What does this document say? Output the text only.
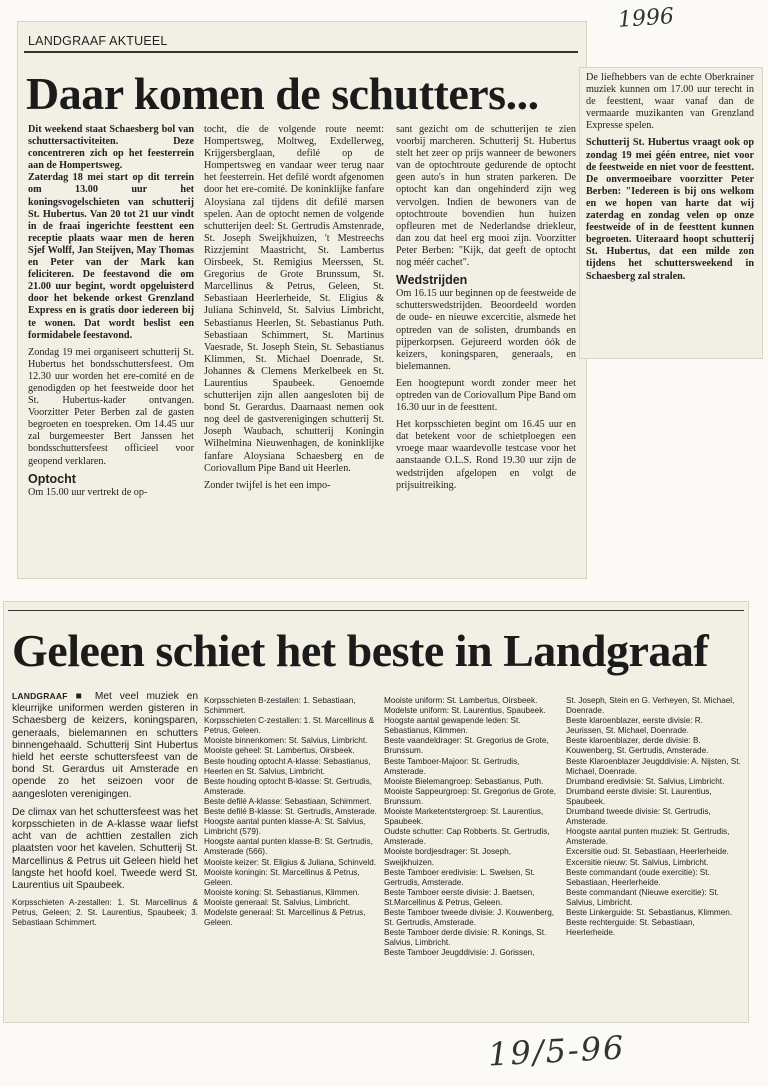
1996
19/5-96
LANDGRAAF AKTUEEL
Daar komen de schutters...

Dit weekend staat Schaesberg bol van schuttersactiviteiten. Deze concentreren zich op het feesterrein aan de Hompertsweg.

Zaterdag 18 mei start op dit terrein om 13.00 uur het koningsvogelschieten van schutterij St. Hubertus. Van 20 tot 21 uur vindt in de fraai ingerichte feesttent een receptie plaats waar men de heren Sjef Wolff, Jan Steijven, May Thomas en Peter van der Mark kan feliciteren. De feestavond die om 21.00 uur begint, wordt opgeluisterd door het bekende orkest Grenzland Express en is gratis door iedereen bij te wonen. Dat wordt beslist een formidabele feestavond.

Zondag 19 mei organiseert schutterij St. Hubertus het bondsschuttersfeest. Om 12.30 uur worden het ere-comité en de genodigden op het feestweide door het St. Hubertus-kader ontvangen. Voorzitter Peter Berben zal de gasten begroeten en toespreken. Om 14.45 uur zal burgemeester Bert Janssen het bondsschuttersfeest officieel voor geopend verklaren.

Optocht

Om 15.00 uur vertrekt de op-

tocht, die de volgende route neemt: Hompertsweg, Moltweg, Exdellerweg, Krijgersberglaan, defilé op de Hompertsweg en vandaar weer terug naar het feesterrein. Het defilé wordt afgenomen door het ere-comité. De koninklijke fanfare Aloysiana zal tijdens dit defilé marsen spelen. Aan de optocht nemen de volgende schutterijen deel: St. Gertrudis Amstenrade, St. Joseph Sweijkhuizen, 't Mestreechs Rizzjemint Maastricht, St. Lambertus Oirsbeek, St. Remigius Meerssen, St. Gregorius de Grote Brunssum, St. Marcellinus & Petrus, Geleen, St. Sebastiaan Heerlerheide, St. Eligius & Juliana Schinveld, St. Salvius Limbricht, Sebastianus Heerlen, St. Sebastianus Puth. Sebastiaan Schimmert, St. Martinus Vaesrade, St. Joseph Stein, St. Sebastianus Klimmen, St. Michael Doenrade, St. Johannes & Clemens Merkelbeek en St. Laurentius Spaubeek. Genoemde schutterijen zijn allen aangesloten bij de bond St. Gerardus. Daarnaast nemen ook nog deel de gastverenigingen schutterij St. Joseph Waubach, schutterij Koningin Wilhelmina Nieuwenhagen, de koninklijke fanfare Aloysiana Schaesberg en de Coriovallum Pipe Band uit Heerlen.

Zonder twijfel is het een impo-

sant gezicht om de schutterijen te zien voorbij marcheren. Schutterij St. Hubertus stelt het zeer op prijs wanneer de bewoners van de optochtroute gedurende de optocht geen auto's in hun straten parkeren. De optocht kan dan ongehinderd zijn weg vervolgen. Indien de bewoners van de optochtroute bovendien hun huizen opfleuren met de Nederlandse driekleur, dan zou dat heel erg mooi zijn. Voorzitter Peter Berben: "Kijk, dat geeft de optocht nog méér cachet".

Wedstrijden

Om 16.15 uur beginnen op de feestweide de schutterswedstrijden. Beoordeeld worden de oude- en nieuwe excercitie, alsmede het optreden van de solisten, drumbands en pijperkorpsen. Gejureerd worden óók de keizers, koningsparen, generaals, en bielemannen.

Een hoogtepunt wordt zonder meer het optreden van de Coriovallum Pipe Band om 16.30 uur in de feesttent.

Het korpsschieten begint om 16.45 uur en dat betekent voor de schietploegen een vroege maar waardevolle testcase voor het aanstaande O.L.S. Rond 19.30 uur zijn de wedstrijden afgelopen en volgt de prijsuitreiking.

De liefhebbers van de echte Oberkrainer muziek kunnen om 17.00 uur terecht in de feesttent, waar vanaf dan de vermaarde muzikanten van Grenzland Expresse spelen.

Schutterij St. Hubertus vraagt ook op zondag 19 mei géén entree, niet voor de feestweide en niet voor de feesttent. De onvermoeibare voorzitter Peter Berben: "Iedereen is bij ons welkom en we hopen van harte dat wij zaterdag en zondag velen op onze feestweide of in de feesttent kunnen begroeten. Uiteraard hoopt schutterij St. Hubertus, dat een milde zon tijdens het schuttersweekend in Schaesberg zal stralen.

Geleen schiet het beste in Landgraaf

LANDGRAAF ■ Met veel muziek en kleurrijke uniformen werden gisteren in Schaesberg de keizers, koningsparen, generaals, bielemannen en schutters binnengehaald. Schutterij Sint Hubertus hield het eerste schuttersfeest van de bond St. Gerardus uit Amsterade en opende zo het seizoen voor de aangesloten verenigingen.

De climax van het schuttersfeest was het korpsschieten in de A-klasse waar liefst acht van de achttien zestallen zich plaatsten voor het kavelen. Schutterij St. Marcellinus & Petrus uit Geleen hield het langste het hoofd koel. Tweede werd St. Laurentius uit Spaubeek.

Korpsschieten A-zestallen: 1. St. Marcellinus & Petrus, Geleen; 2. St. Laurentius, Spaubeek; 3. Sebastiaan Schimmert.

Korpsschieten B-zestallen: 1. Sebastiaan, Schimmert.

Korpsschieten C-zestallen: 1. St. Marcellinus & Petrus, Geleen.

Mooiste binnenkomen: St. Salvius, Limbricht.

Mooiste geheel: St. Lambertus, Oirsbeek.

Beste houding optocht A-klasse: Sebastianus, Heerlen en St. Salvius, Limbricht.

Beste houding optocht B-klasse: St. Gertrudis, Amsterade.

Beste defilé A-klasse: Sebastiaan, Schimmert.

Beste defilé B-klasse: St. Gertrudis, Amsterade.

Hoogste aantal punten klasse-A: St. Salvius, Limbricht (579).

Hoogste aantal punten klasse-B: St. Gertrudis, Amsterade (566).

Mooiste keizer: St. Eligius & Juliana, Schinveld.

Mooiste koningin: St. Marcellinus & Petrus, Geleen.

Mooiste koning: St. Sebastianus, Klimmen.

Mooiste generaal: St. Salvius, Limbricht.

Modelste generaal: St. Marcellinus & Petrus, Geleen.

Mooiste uniform: St. Lambertus, Oirsbeek.

Modelste uniform: St. Laurentius, Spaubeek.

Hoogste aantal gewapende leden: St. Sebastianus, Klimmen.

Beste vaandeldrager: St. Gregorius de Grote, Brunssum.

Beste Tamboer-Majoor: St. Gertrudis, Amsterade.

Mooiste Bielemangroep: Sebastianus, Puth.

Mooiste Sappeurgroep: St. Gregorius de Grote, Brunssum.

Mooiste Marketentstergroep: St. Laurentius, Spaubeek.

Oudste schutter: Cap Robberts. St. Gertrudis, Amsterade.

Mooiste bordjesdrager: St. Joseph, Sweijkhuizen.

Beste Tamboer eredivisie: L. Swelsen, St. Gertrudis, Amsterade.

Beste Tamboer eerste divisie: J. Baetsen, St.Marcellinus & Petrus, Geleen.

Beste Tamboer tweede divisie: J. Kouwenberg, St. Gertrudis, Amsterade.

Beste Tamboer derde divisie: R. Konings, St. Salvius, Limbricht.

Beste Tamboer Jeugddivisie: J. Gorissen,

St. Joseph, Stein en G. Verheyen, St. Michael, Doenrade.

Beste klaroenblazer, eerste divisie: R. Jeurissen, St. Michael, Doenrade.

Beste klaroenblazer, derde divisie: B. Kouwenberg, St. Gertrudis, Amsterade.

Beste Klaroenblazer Jeugddivisie: A. Nijsten, St. Michael, Doenrade.

Drumband eredivisie: St. Salvius, Limbricht.

Drumband eerste divisie: St. Laurentius, Spaubeek.

Drumband tweede divisie: St. Gertrudis, Amsterade.

Hoogste aantal punten muziek: St. Gertrudis, Amsterade.

Excersitie oud: St. Sebastiaan, Heerlerheide.

Excersitie nieuw: St. Salvius, Limbricht.

Beste commandant (oude exercitie): St. Sebastiaan, Heerlerheide.

Beste commandant (Nieuwe exercitie): St. Salvius, Limbricht.

Beste Linkerguide: St. Sebastianus, Klimmen.

Beste rechterguide: St. Sebastiaan, Heerlerheide.
